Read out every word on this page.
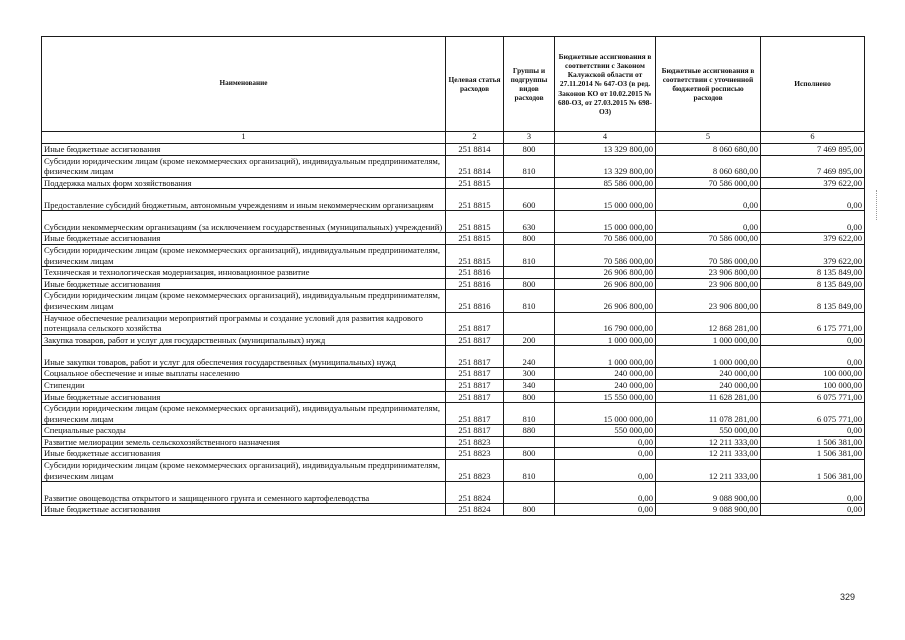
Наименование	Целевая статья расходов	Группы и подгруппы видов расходов	Бюджетные ассигнования в соответствии с Законом Калужской области от 27.11.2014 № 647-ОЗ (в ред. Законов КО от 10.02.2015 № 680-ОЗ, от 27.03.2015 № 698-ОЗ)	Бюджетные ассигнования в соответствии с уточненной бюджетной росписью расходов	Исполнено
1	2	3	4	5	6
Иные бюджетные ассигнования	251 8814	800	13 329 800,00	8 060 680,00	7 469 895,00
Субсидии юридическим лицам (кроме некоммерческих организаций), индивидуальным предпринимателям, физическим лицам	251 8814	810	13 329 800,00	8 060 680,00	7 469 895,00
Поддержка малых форм хозяйствования	251 8815		85 586 000,00	70 586 000,00	379 622,00
Предоставление субсидий бюджетным, автономным учреждениям и иным некоммерческим организациям	251 8815	600	15 000 000,00	0,00	0,00
Субсидии некоммерческим организациям (за исключением государственных (муниципальных) учреждений)	251 8815	630	15 000 000,00	0,00	0,00
Иные бюджетные ассигнования	251 8815	800	70 586 000,00	70 586 000,00	379 622,00
Субсидии юридическим лицам (кроме некоммерческих организаций), индивидуальным предпринимателям, физическим лицам	251 8815	810	70 586 000,00	70 586 000,00	379 622,00
Техническая и технологическая модернизация, инновационное развитие	251 8816		26 906 800,00	23 906 800,00	8 135 849,00
Иные бюджетные ассигнования	251 8816	800	26 906 800,00	23 906 800,00	8 135 849,00
Субсидии юридическим лицам (кроме некоммерческих организаций), индивидуальным предпринимателям, физическим лицам	251 8816	810	26 906 800,00	23 906 800,00	8 135 849,00
Научное обеспечение реализации мероприятий программы и создание условий для развития кадрового потенциала сельского хозяйства	251 8817		16 790 000,00	12 868 281,00	6 175 771,00
Закупка товаров, работ и услуг для государственных (муниципальных) нужд	251 8817	200	1 000 000,00	1 000 000,00	0,00
Иные закупки товаров, работ и услуг для обеспечения государственных (муниципальных) нужд	251 8817	240	1 000 000,00	1 000 000,00	0,00
Социальное обеспечение и иные выплаты населению	251 8817	300	240 000,00	240 000,00	100 000,00
Стипендии	251 8817	340	240 000,00	240 000,00	100 000,00
Иные бюджетные ассигнования	251 8817	800	15 550 000,00	11 628 281,00	6 075 771,00
Субсидии юридическим лицам (кроме некоммерческих организаций), индивидуальным предпринимателям, физическим лицам	251 8817	810	15 000 000,00	11 078 281,00	6 075 771,00
Специальные расходы	251 8817	880	550 000,00	550 000,00	0,00
Развитие мелиорации земель сельскохозяйственного назначения	251 8823		0,00	12 211 333,00	1 506 381,00
Иные бюджетные ассигнования	251 8823	800	0,00	12 211 333,00	1 506 381,00
Субсидии юридическим лицам (кроме некоммерческих организаций), индивидуальным предпринимателям, физическим лицам	251 8823	810	0,00	12 211 333,00	1 506 381,00
Развитие овощеводства открытого и защищенного грунта и семенного картофелеводства	251 8824		0,00	9 088 900,00	0,00
Иные бюджетные ассигнования	251 8824	800	0,00	9 088 900,00	0,00
329
